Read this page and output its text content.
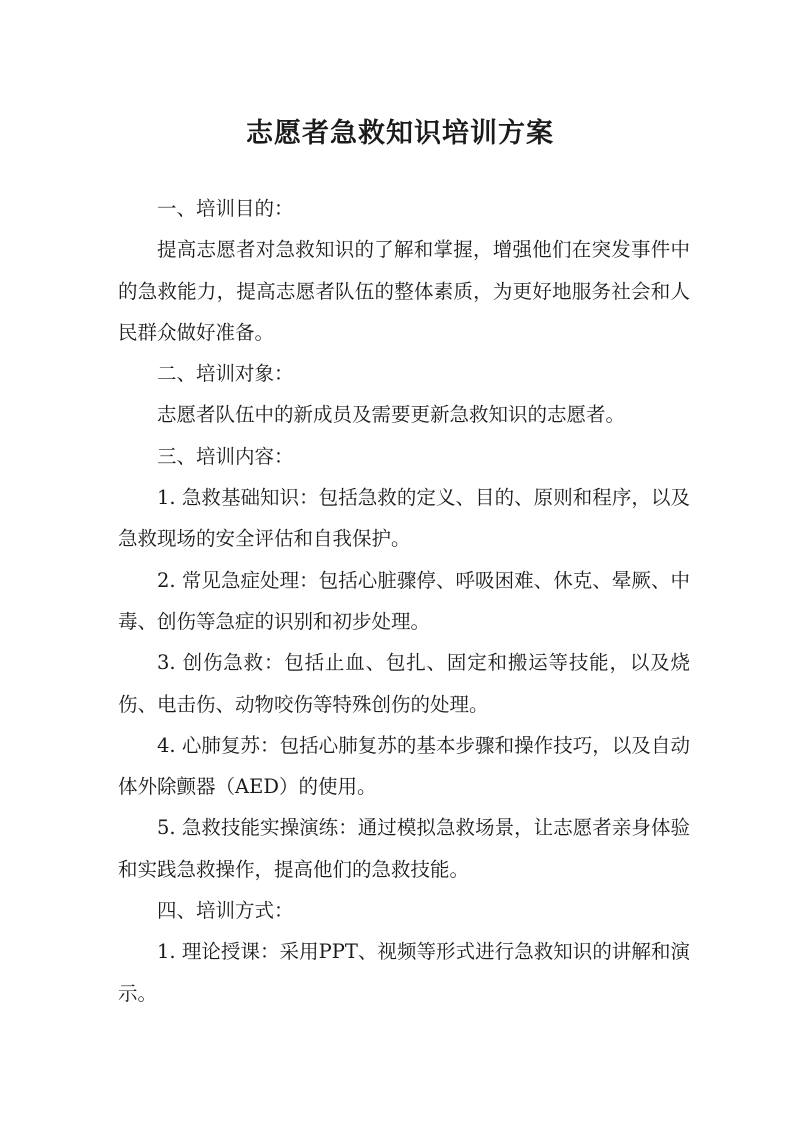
志愿者急救知识培训方案

一、培训目的：

提高志愿者对急救知识的了解和掌握，增强他们在突发事件中的急救能力，提高志愿者队伍的整体素质，为更好地服务社会和人民群众做好准备。

二、培训对象：

志愿者队伍中的新成员及需要更新急救知识的志愿者。

三、培训内容：

1. 急救基础知识：包括急救的定义、目的、原则和程序，以及急救现场的安全评估和自我保护。

2. 常见急症处理：包括心脏骤停、呼吸困难、休克、晕厥、中毒、创伤等急症的识别和初步处理。

3. 创伤急救：包括止血、包扎、固定和搬运等技能，以及烧伤、电击伤、动物咬伤等特殊创伤的处理。

4. 心肺复苏：包括心肺复苏的基本步骤和操作技巧，以及自动体外除颤器（AED）的使用。

5. 急救技能实操演练：通过模拟急救场景，让志愿者亲身体验和实践急救操作，提高他们的急救技能。

四、培训方式：

1. 理论授课：采用PPT、视频等形式进行急救知识的讲解和演示。
